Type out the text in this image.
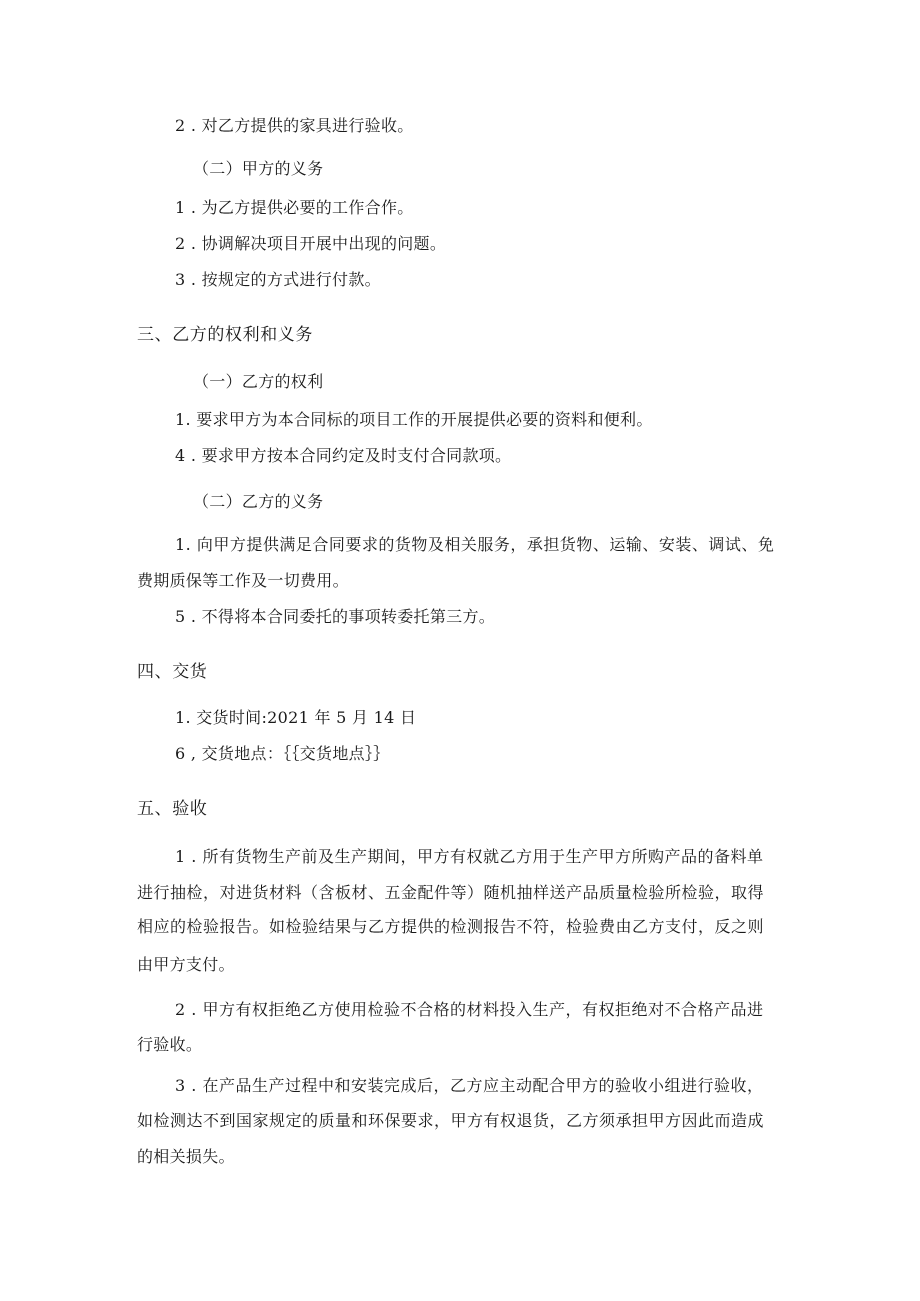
2 . 对乙方提供的家具进行验收。
（二）甲方的义务
1 . 为乙方提供必要的工作合作。
2 . 协调解决项目开展中出现的问题。
3 . 按规定的方式进行付款。
三、乙方的权利和义务
（一）乙方的权利
1. 要求甲方为本合同标的项目工作的开展提供必要的资料和便利。
4 . 要求甲方按本合同约定及时支付合同款项。
（二）乙方的义务
1. 向甲方提供满足合同要求的货物及相关服务，承担货物、运输、安装、调试、免
费期质保等工作及一切费用。
5 . 不得将本合同委托的事项转委托第三方。
四、交货
1. 交货时间:2021 年 5 月 14 日
6 , 交货地点：｛｛交货地点｝｝
五、验收
1 . 所有货物生产前及生产期间，甲方有权就乙方用于生产甲方所购产品的备料单
进行抽检，对进货材料（含板材、五金配件等）随机抽样送产品质量检验所检验，取得
相应的检验报告。如检验结果与乙方提供的检测报告不符，检验费由乙方支付，反之则
由甲方支付。
2 . 甲方有权拒绝乙方使用检验不合格的材料投入生产，有权拒绝对不合格产品进
行验收。
3 . 在产品生产过程中和安装完成后，乙方应主动配合甲方的验收小组进行验收，
如检测达不到国家规定的质量和环保要求，甲方有权退货，乙方须承担甲方因此而造成
的相关损失。
